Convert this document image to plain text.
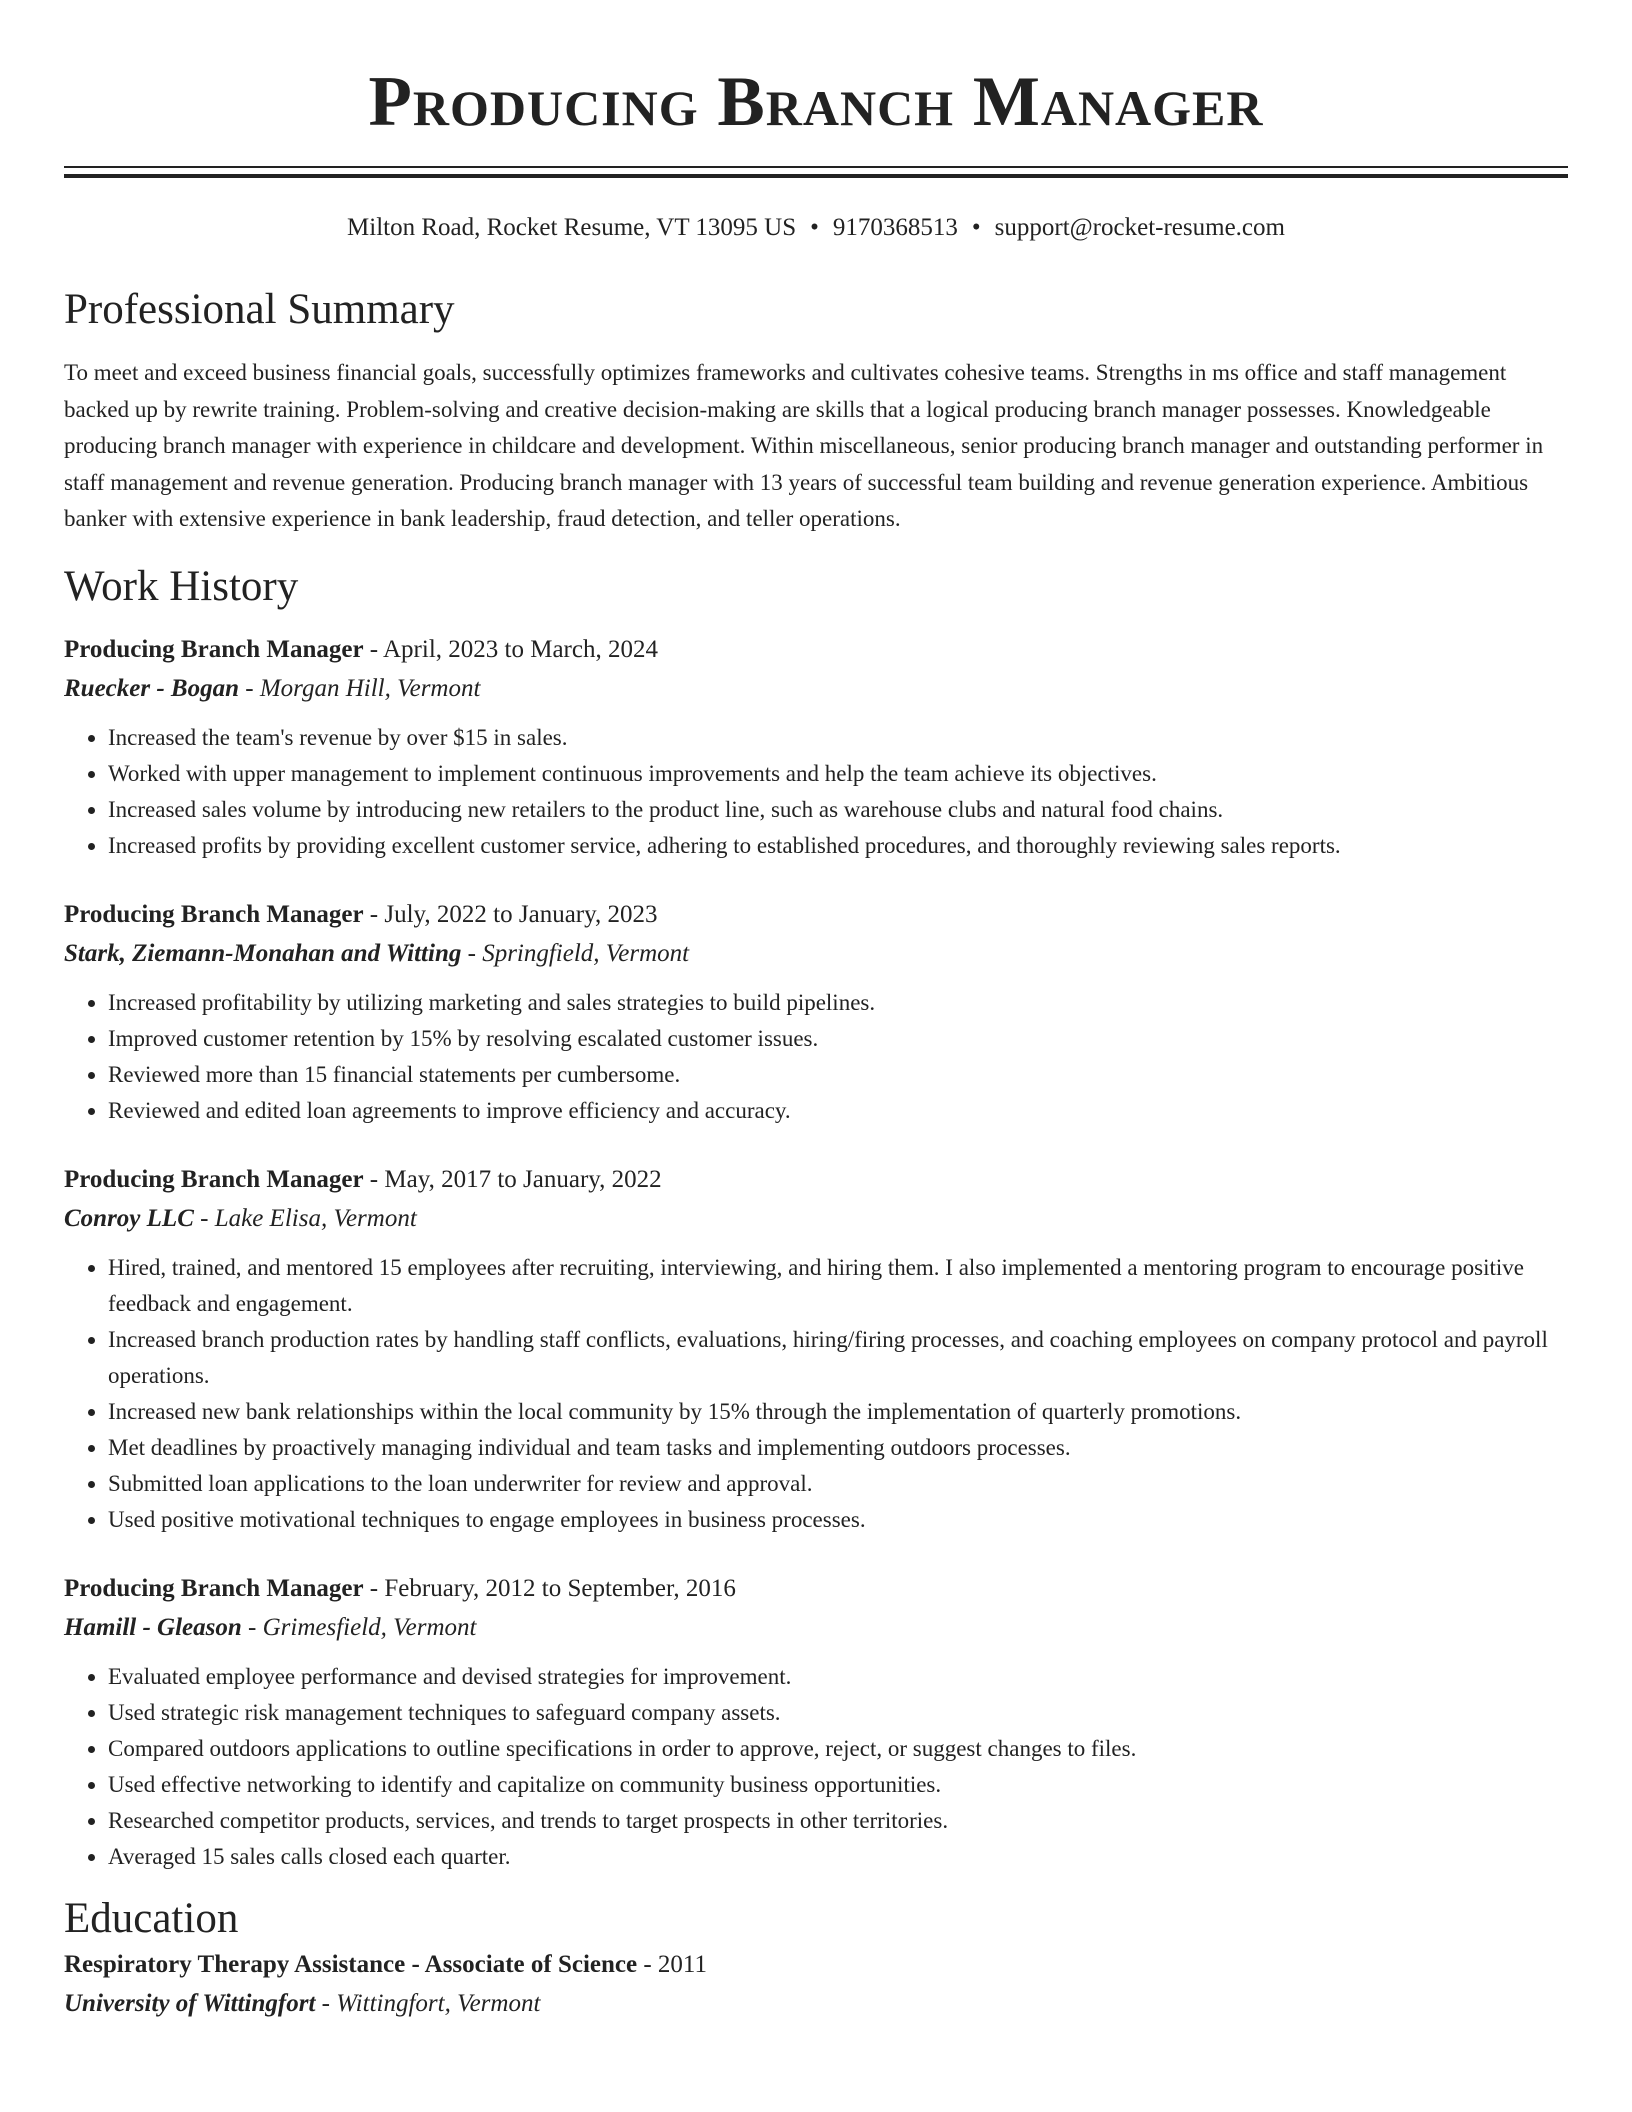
Producing Branch Manager
Milton Road, Rocket Resume, VT 13095 US • 9170368513 • support@rocket-resume.com
Professional Summary
To meet and exceed business financial goals, successfully optimizes frameworks and cultivates cohesive teams. Strengths in ms office and staff management backed up by rewrite training. Problem-solving and creative decision-making are skills that a logical producing branch manager possesses. Knowledgeable producing branch manager with experience in childcare and development. Within miscellaneous, senior producing branch manager and outstanding performer in staff management and revenue generation. Producing branch manager with 13 years of successful team building and revenue generation experience. Ambitious banker with extensive experience in bank leadership, fraud detection, and teller operations.
Work History
Producing Branch Manager - April, 2023 to March, 2024
Ruecker - Bogan - Morgan Hill, Vermont
• Increased the team's revenue by over $15 in sales.
• Worked with upper management to implement continuous improvements and help the team achieve its objectives.
• Increased sales volume by introducing new retailers to the product line, such as warehouse clubs and natural food chains.
• Increased profits by providing excellent customer service, adhering to established procedures, and thoroughly reviewing sales reports.
Producing Branch Manager - July, 2022 to January, 2023
Stark, Ziemann-Monahan and Witting - Springfield, Vermont
• Increased profitability by utilizing marketing and sales strategies to build pipelines.
• Improved customer retention by 15% by resolving escalated customer issues.
• Reviewed more than 15 financial statements per cumbersome.
• Reviewed and edited loan agreements to improve efficiency and accuracy.
Producing Branch Manager - May, 2017 to January, 2022
Conroy LLC - Lake Elisa, Vermont
• Hired, trained, and mentored 15 employees after recruiting, interviewing, and hiring them. I also implemented a mentoring program to encourage positive feedback and engagement.
• Increased branch production rates by handling staff conflicts, evaluations, hiring/firing processes, and coaching employees on company protocol and payroll operations.
• Increased new bank relationships within the local community by 15% through the implementation of quarterly promotions.
• Met deadlines by proactively managing individual and team tasks and implementing outdoors processes.
• Submitted loan applications to the loan underwriter for review and approval.
• Used positive motivational techniques to engage employees in business processes.
Producing Branch Manager - February, 2012 to September, 2016
Hamill - Gleason - Grimesfield, Vermont
• Evaluated employee performance and devised strategies for improvement.
• Used strategic risk management techniques to safeguard company assets.
• Compared outdoors applications to outline specifications in order to approve, reject, or suggest changes to files.
• Used effective networking to identify and capitalize on community business opportunities.
• Researched competitor products, services, and trends to target prospects in other territories.
• Averaged 15 sales calls closed each quarter.
Education
Respiratory Therapy Assistance - Associate of Science - 2011
University of Wittingfort - Wittingfort, Vermont
